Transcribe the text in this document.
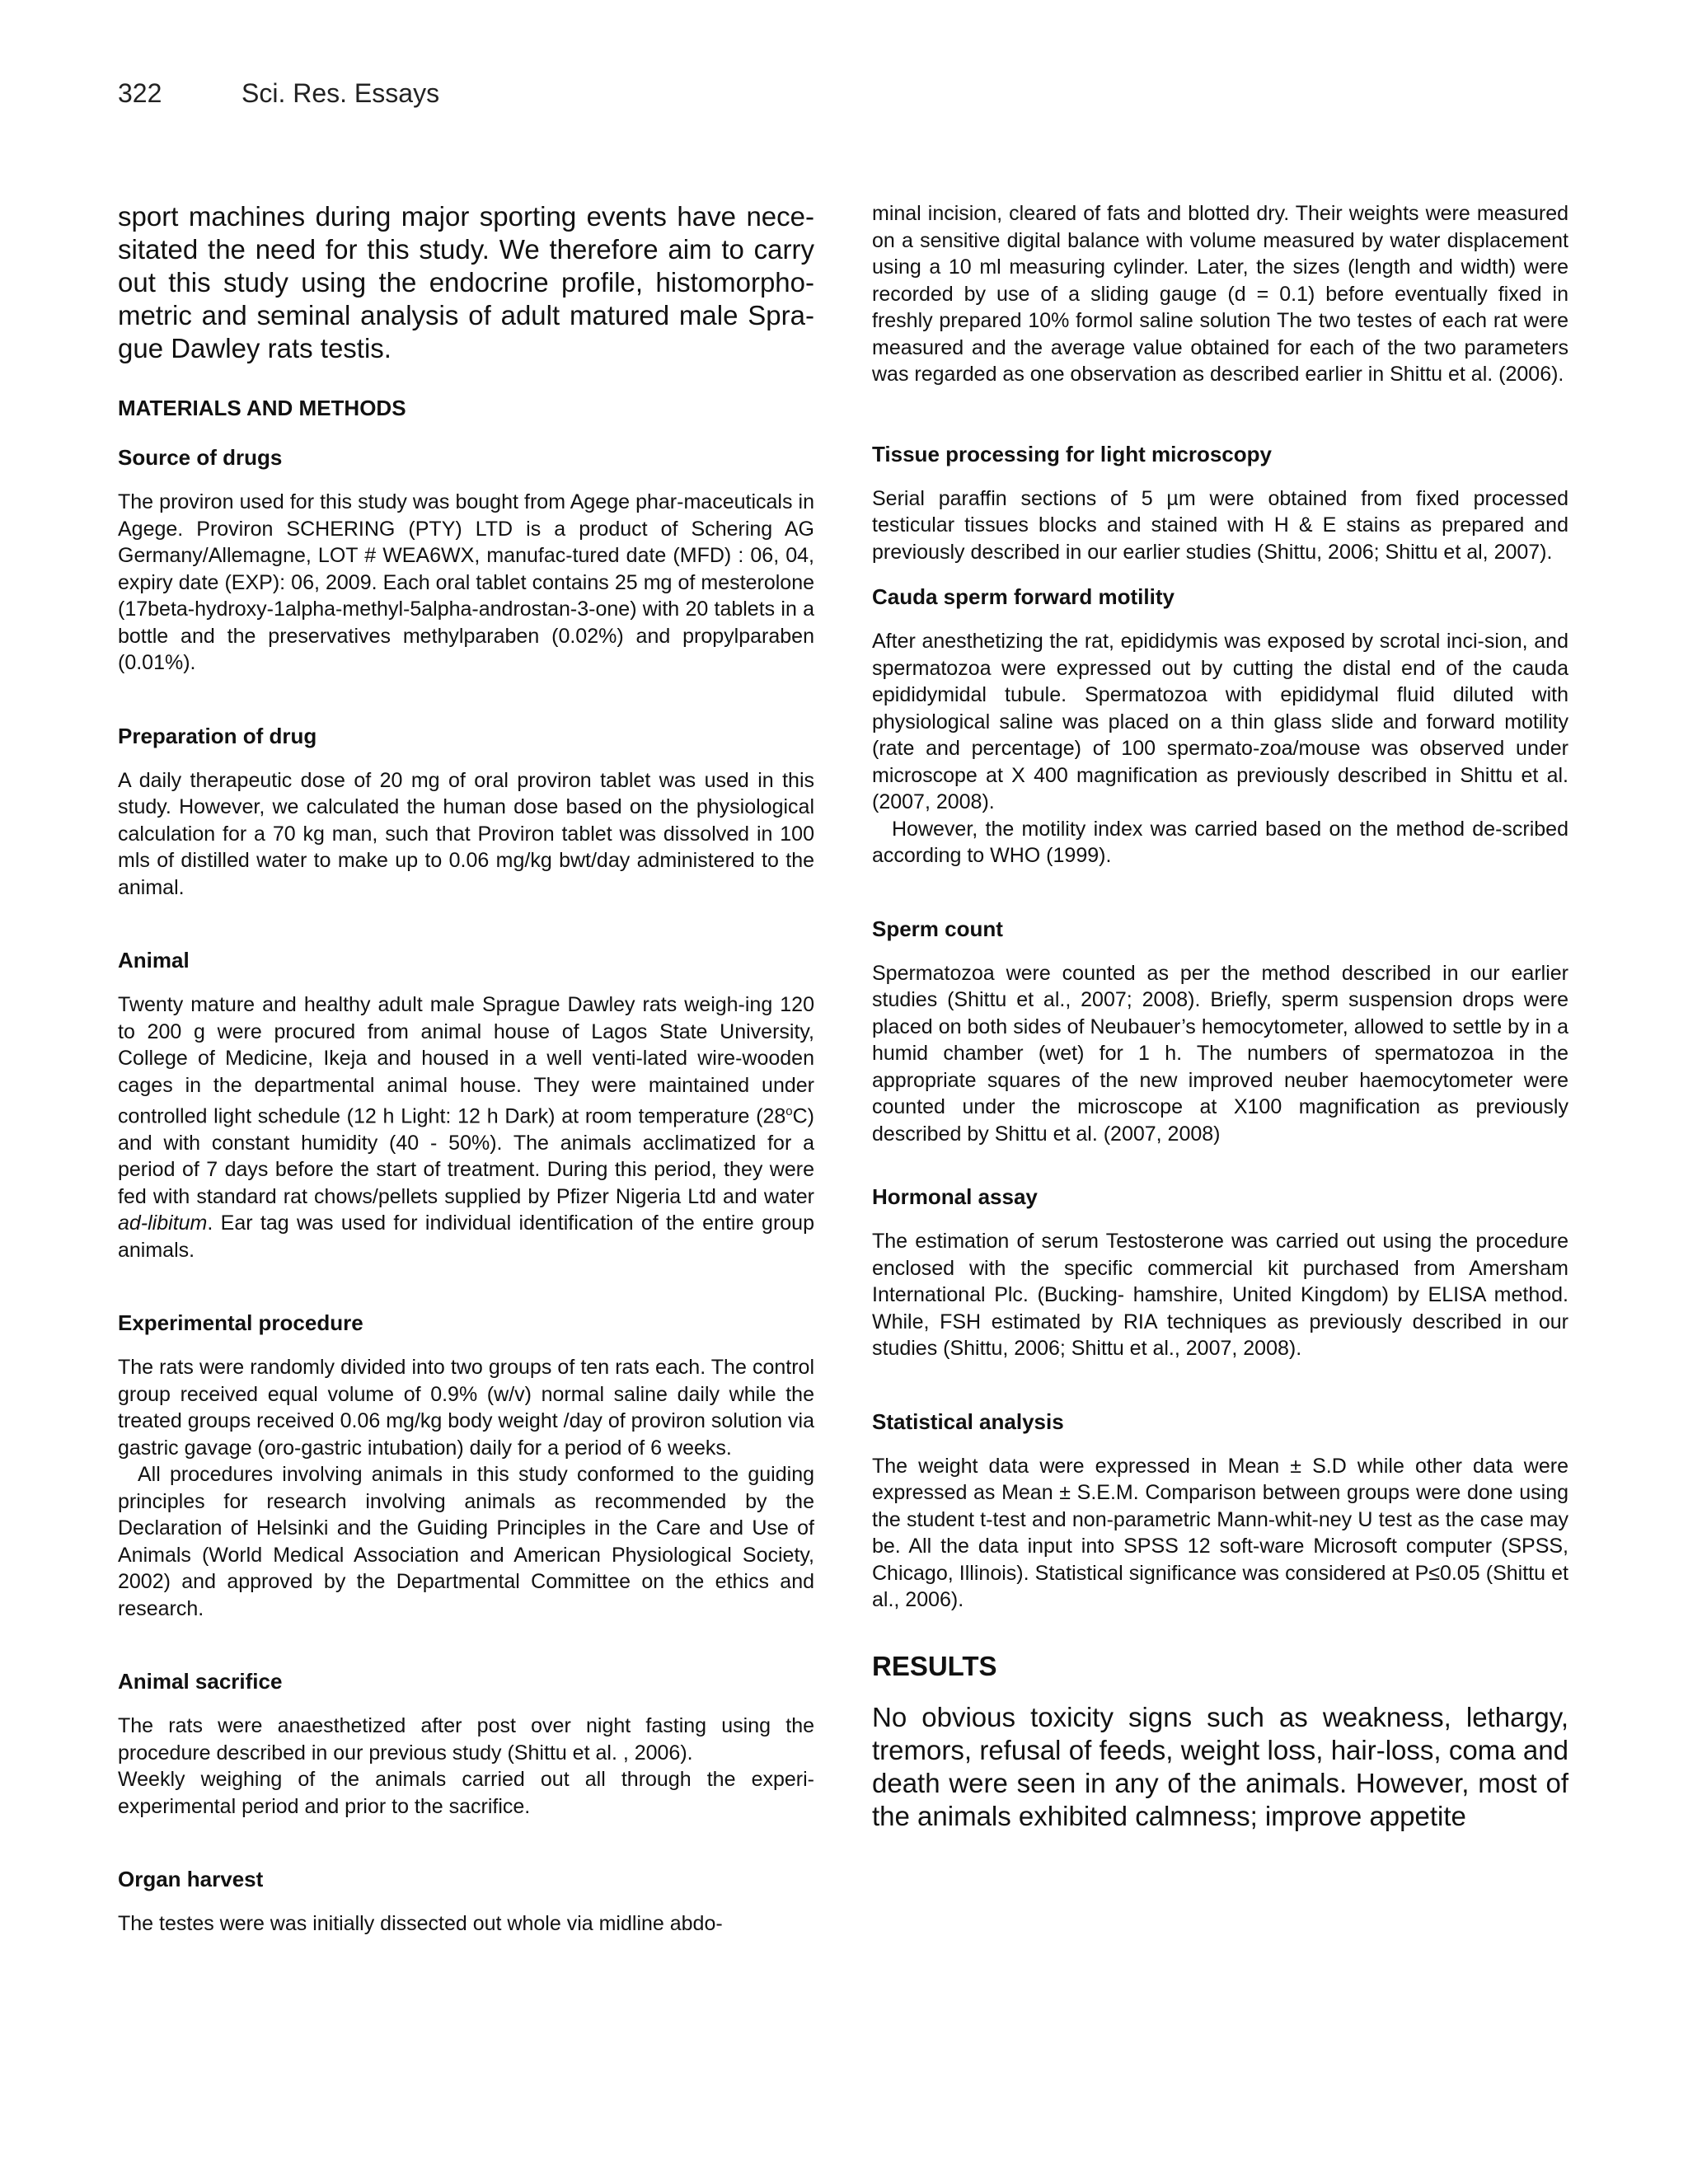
322	Sci. Res. Essays

sport machines during major sporting events have nece-sitated the need for this study. We therefore aim to carry out this study using the endocrine profile, histomorpho-metric and seminal analysis of adult matured male Spra-gue Dawley rats testis.

MATERIALS AND METHODS
Source of drugs

The proviron used for this study was bought from Agege phar-maceuticals in Agege. Proviron SCHERING (PTY) LTD is a product of Schering AG Germany/Allemagne, LOT # WEA6WX, manufac-tured date (MFD) : 06, 04, expiry date (EXP): 06, 2009. Each oral tablet contains 25 mg of mesterolone (17beta-hydroxy-1alpha-methyl-5alpha-androstan-3-one) with 20 tablets in a bottle and the preservatives methylparaben (0.02%) and propylparaben (0.01%).

Preparation of drug

A daily therapeutic dose of 20 mg of oral proviron tablet was used in this study. However, we calculated the human dose based on the physiological calculation for a 70 kg man, such that Proviron tablet was dissolved in 100 mls of distilled water to make up to 0.06 mg/kg bwt/day administered to the animal.

Animal

Twenty mature and healthy adult male Sprague Dawley rats weigh-ing 120 to 200 g were procured from animal house of Lagos State University, College of Medicine, Ikeja and housed in a well venti-lated wire-wooden cages in the departmental animal house. They were maintained under controlled light schedule (12 h Light: 12 h Dark) at room temperature (28$^o$C) and with constant humidity (40 - 50%). The animals acclimatized for a period of 7 days before the start of treatment. During this period, they were fed with standard rat chows/pellets supplied by Pfizer Nigeria Ltd and water ad-libitum. Ear tag was used for individual identification of the entire group animals.

Experimental procedure

The rats were randomly divided into two groups of ten rats each. The control group received equal volume of 0.9% (w/v) normal saline daily while the treated groups received 0.06 mg/kg body weight /day of proviron solution via gastric gavage (oro-gastric intubation) daily for a period of 6 weeks.

All procedures involving animals in this study conformed to the guiding principles for research involving animals as recommended by the Declaration of Helsinki and the Guiding Principles in the Care and Use of Animals (World Medical Association and American Physiological Society, 2002) and approved by the Departmental Committee on the ethics and research.

Animal sacrifice

The rats were anaesthetized after post over night fasting using the procedure described in our previous study (Shittu et al. , 2006).

Weekly weighing of the animals carried out all through the experi-experimental period and prior to the sacrifice.

Organ harvest

The testes were was initially dissected out whole via midline abdo-

minal incision, cleared of fats and blotted dry. Their weights were measured on a sensitive digital balance with volume measured by water displacement using a 10 ml measuring cylinder. Later, the sizes (length and width) were recorded by use of a sliding gauge (d = 0.1) before eventually fixed in freshly prepared 10% formol saline solution The two testes of each rat were measured and the average value obtained for each of the two parameters was regarded as one observation as described earlier in Shittu et al. (2006).

Tissue processing for light microscopy

Serial paraffin sections of 5 µm were obtained from fixed processed testicular tissues blocks and stained with H & E stains as prepared and previously described in our earlier studies (Shittu, 2006; Shittu et al, 2007).

Cauda sperm forward motility

After anesthetizing the rat, epididymis was exposed by scrotal inci-sion, and spermatozoa were expressed out by cutting the distal end of the cauda epididymidal tubule. Spermatozoa with epididymal fluid diluted with physiological saline was placed on a thin glass slide and forward motility (rate and percentage) of 100 spermato-zoa/mouse was observed under microscope at X 400 magnification as previously described in Shittu et al. (2007, 2008).

However, the motility index was carried based on the method de-scribed according to WHO (1999).

Sperm count

Spermatozoa were counted as per the method described in our earlier studies (Shittu et al., 2007; 2008). Briefly, sperm suspension drops were placed on both sides of Neubauer’s hemocytometer, allowed to settle by in a humid chamber (wet) for 1 h. The numbers of spermatozoa in the appropriate squares of the new improved neuber haemocytometer were counted under the microscope at X100 magnification as previously described by Shittu et al. (2007, 2008)

Hormonal assay

The estimation of serum Testosterone was carried out using the procedure enclosed with the specific commercial kit purchased from Amersham International Plc. (Bucking- hamshire, United Kingdom) by ELISA method. While, FSH estimated by RIA techniques as previously described in our studies (Shittu, 2006; Shittu et al., 2007, 2008).

Statistical analysis

The weight data were expressed in Mean ± S.D while other data were expressed as Mean ± S.E.M. Comparison between groups were done using the student t-test and non-parametric Mann-whit-ney U test as the case may be. All the data input into SPSS 12 soft-ware Microsoft computer (SPSS, Chicago, Illinois). Statistical significance was considered at P≤0.05 (Shittu et al., 2006).

RESULTS

No obvious toxicity signs such as weakness, lethargy, tremors, refusal of feeds, weight loss, hair-loss, coma and death were seen in any of the animals. However, most of the animals exhibited calmness; improve appetite
